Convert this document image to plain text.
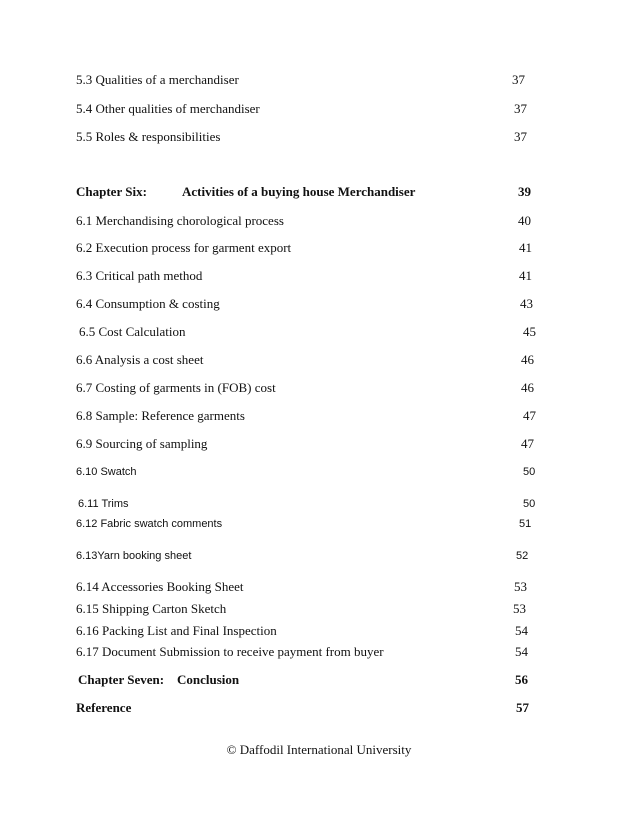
5.3 Qualities of a merchandiser	37
5.4 Other qualities of merchandiser	37
5.5 Roles & responsibilities	37
Chapter Six:	Activities of a buying house Merchandiser	39
6.1 Merchandising chorological process	40
6.2 Execution process for garment export	41
6.3 Critical path method	41
6.4 Consumption & costing	43
6.5 Cost Calculation	45
6.6 Analysis a cost sheet	46
6.7 Costing of garments in (FOB) cost	46
6.8 Sample: Reference garments	47
6.9 Sourcing of sampling	47
6.10 Swatch	50
6.11 Trims	50
6.12 Fabric swatch comments	51
6.13Yarn booking sheet	52
6.14 Accessories Booking Sheet	53
6.15 Shipping Carton Sketch	53
6.16 Packing List and Final Inspection	54
6.17 Document Submission to receive payment from buyer	54
Chapter Seven: Conclusion	56
Reference	57
© Daffodil International University
